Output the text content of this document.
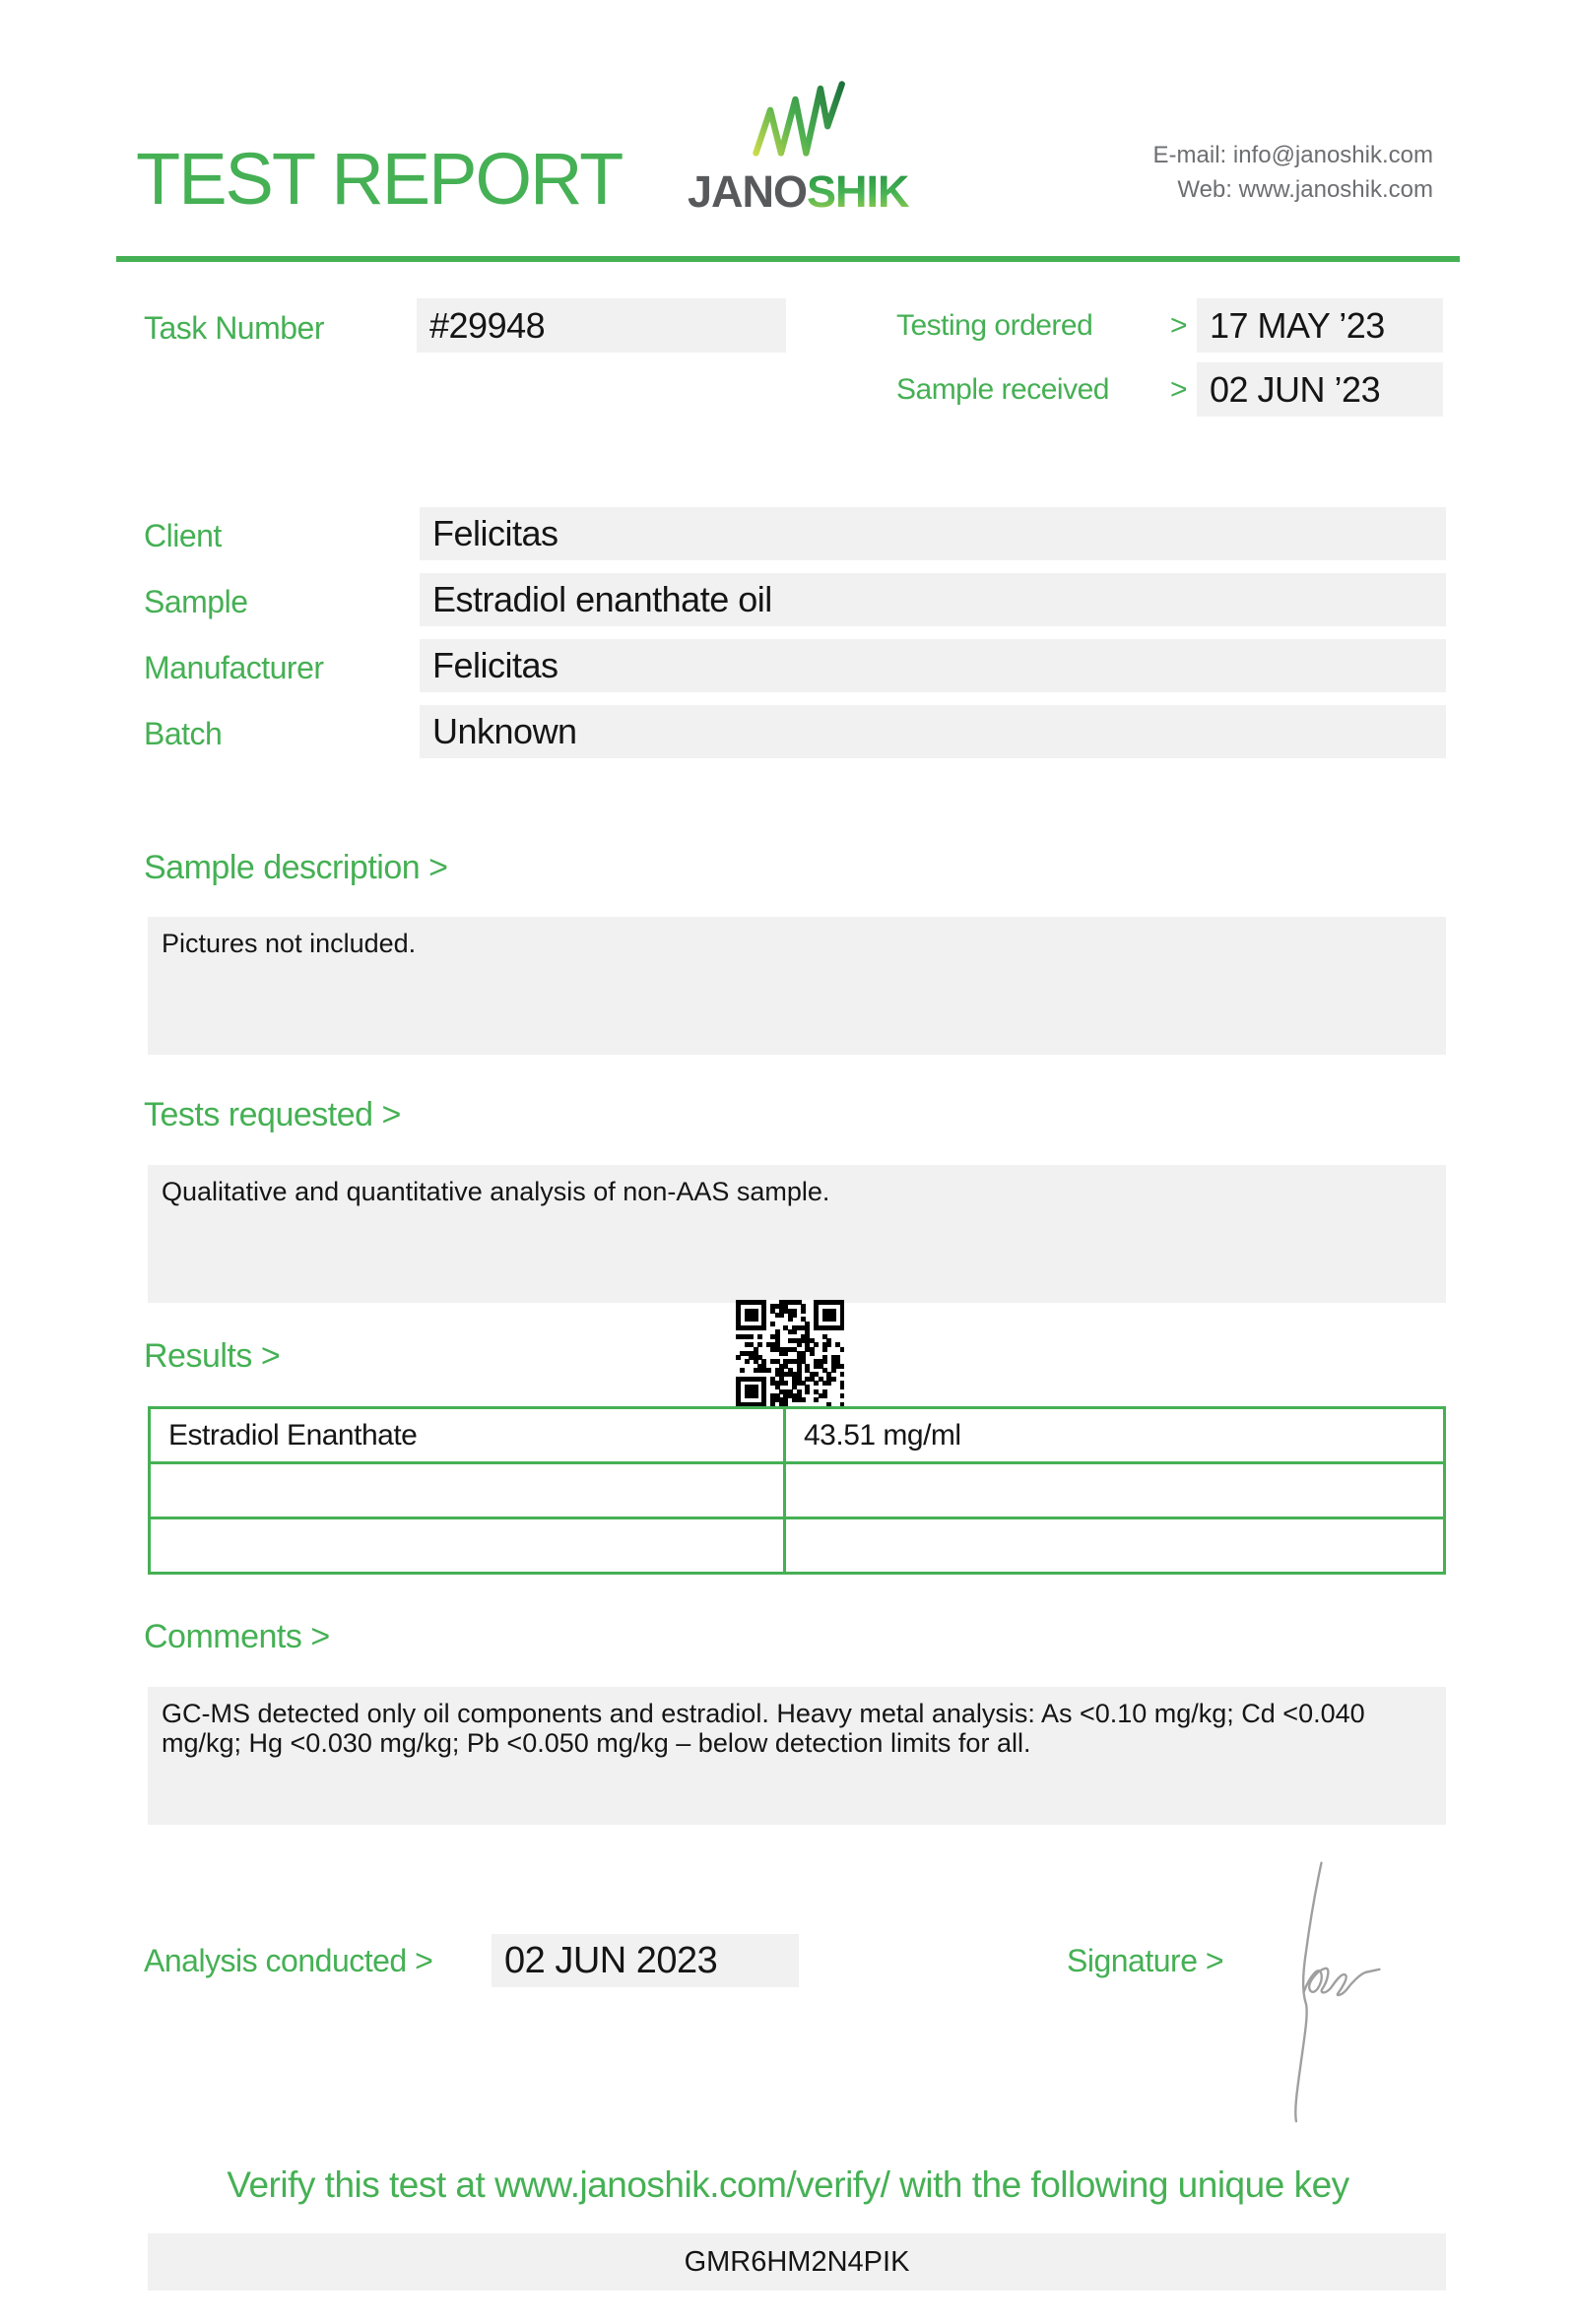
TEST REPORT JANOSHIK
E-mail: info@janoshik.com
Web: www.janoshik.com
Task Number	#29948	Testing ordered	> 17 MAY ’23
Sample received > 02 JUN ’23
Client	Felicitas
Sample	Estradiol enanthate oil
Manufacturer	Felicitas
Batch	Unknown
Sample description >
Pictures not included.
Tests requested >
Qualitative and quantitative analysis of non-AAS sample.
Results >
Estradiol Enanthate	43.51 mg/ml

Comments >
GC-MS detected only oil components and estradiol. Heavy metal analysis: As <0.10 mg/kg; Cd <0.040 mg/kg; Hg <0.030 mg/kg; Pb <0.050 mg/kg – below detection limits for all.
Analysis conducted >	02 JUN 2023	Signature >
Verify this test at www.janoshik.com/verify/ with the following unique key
GMR6HM2N4PIK
